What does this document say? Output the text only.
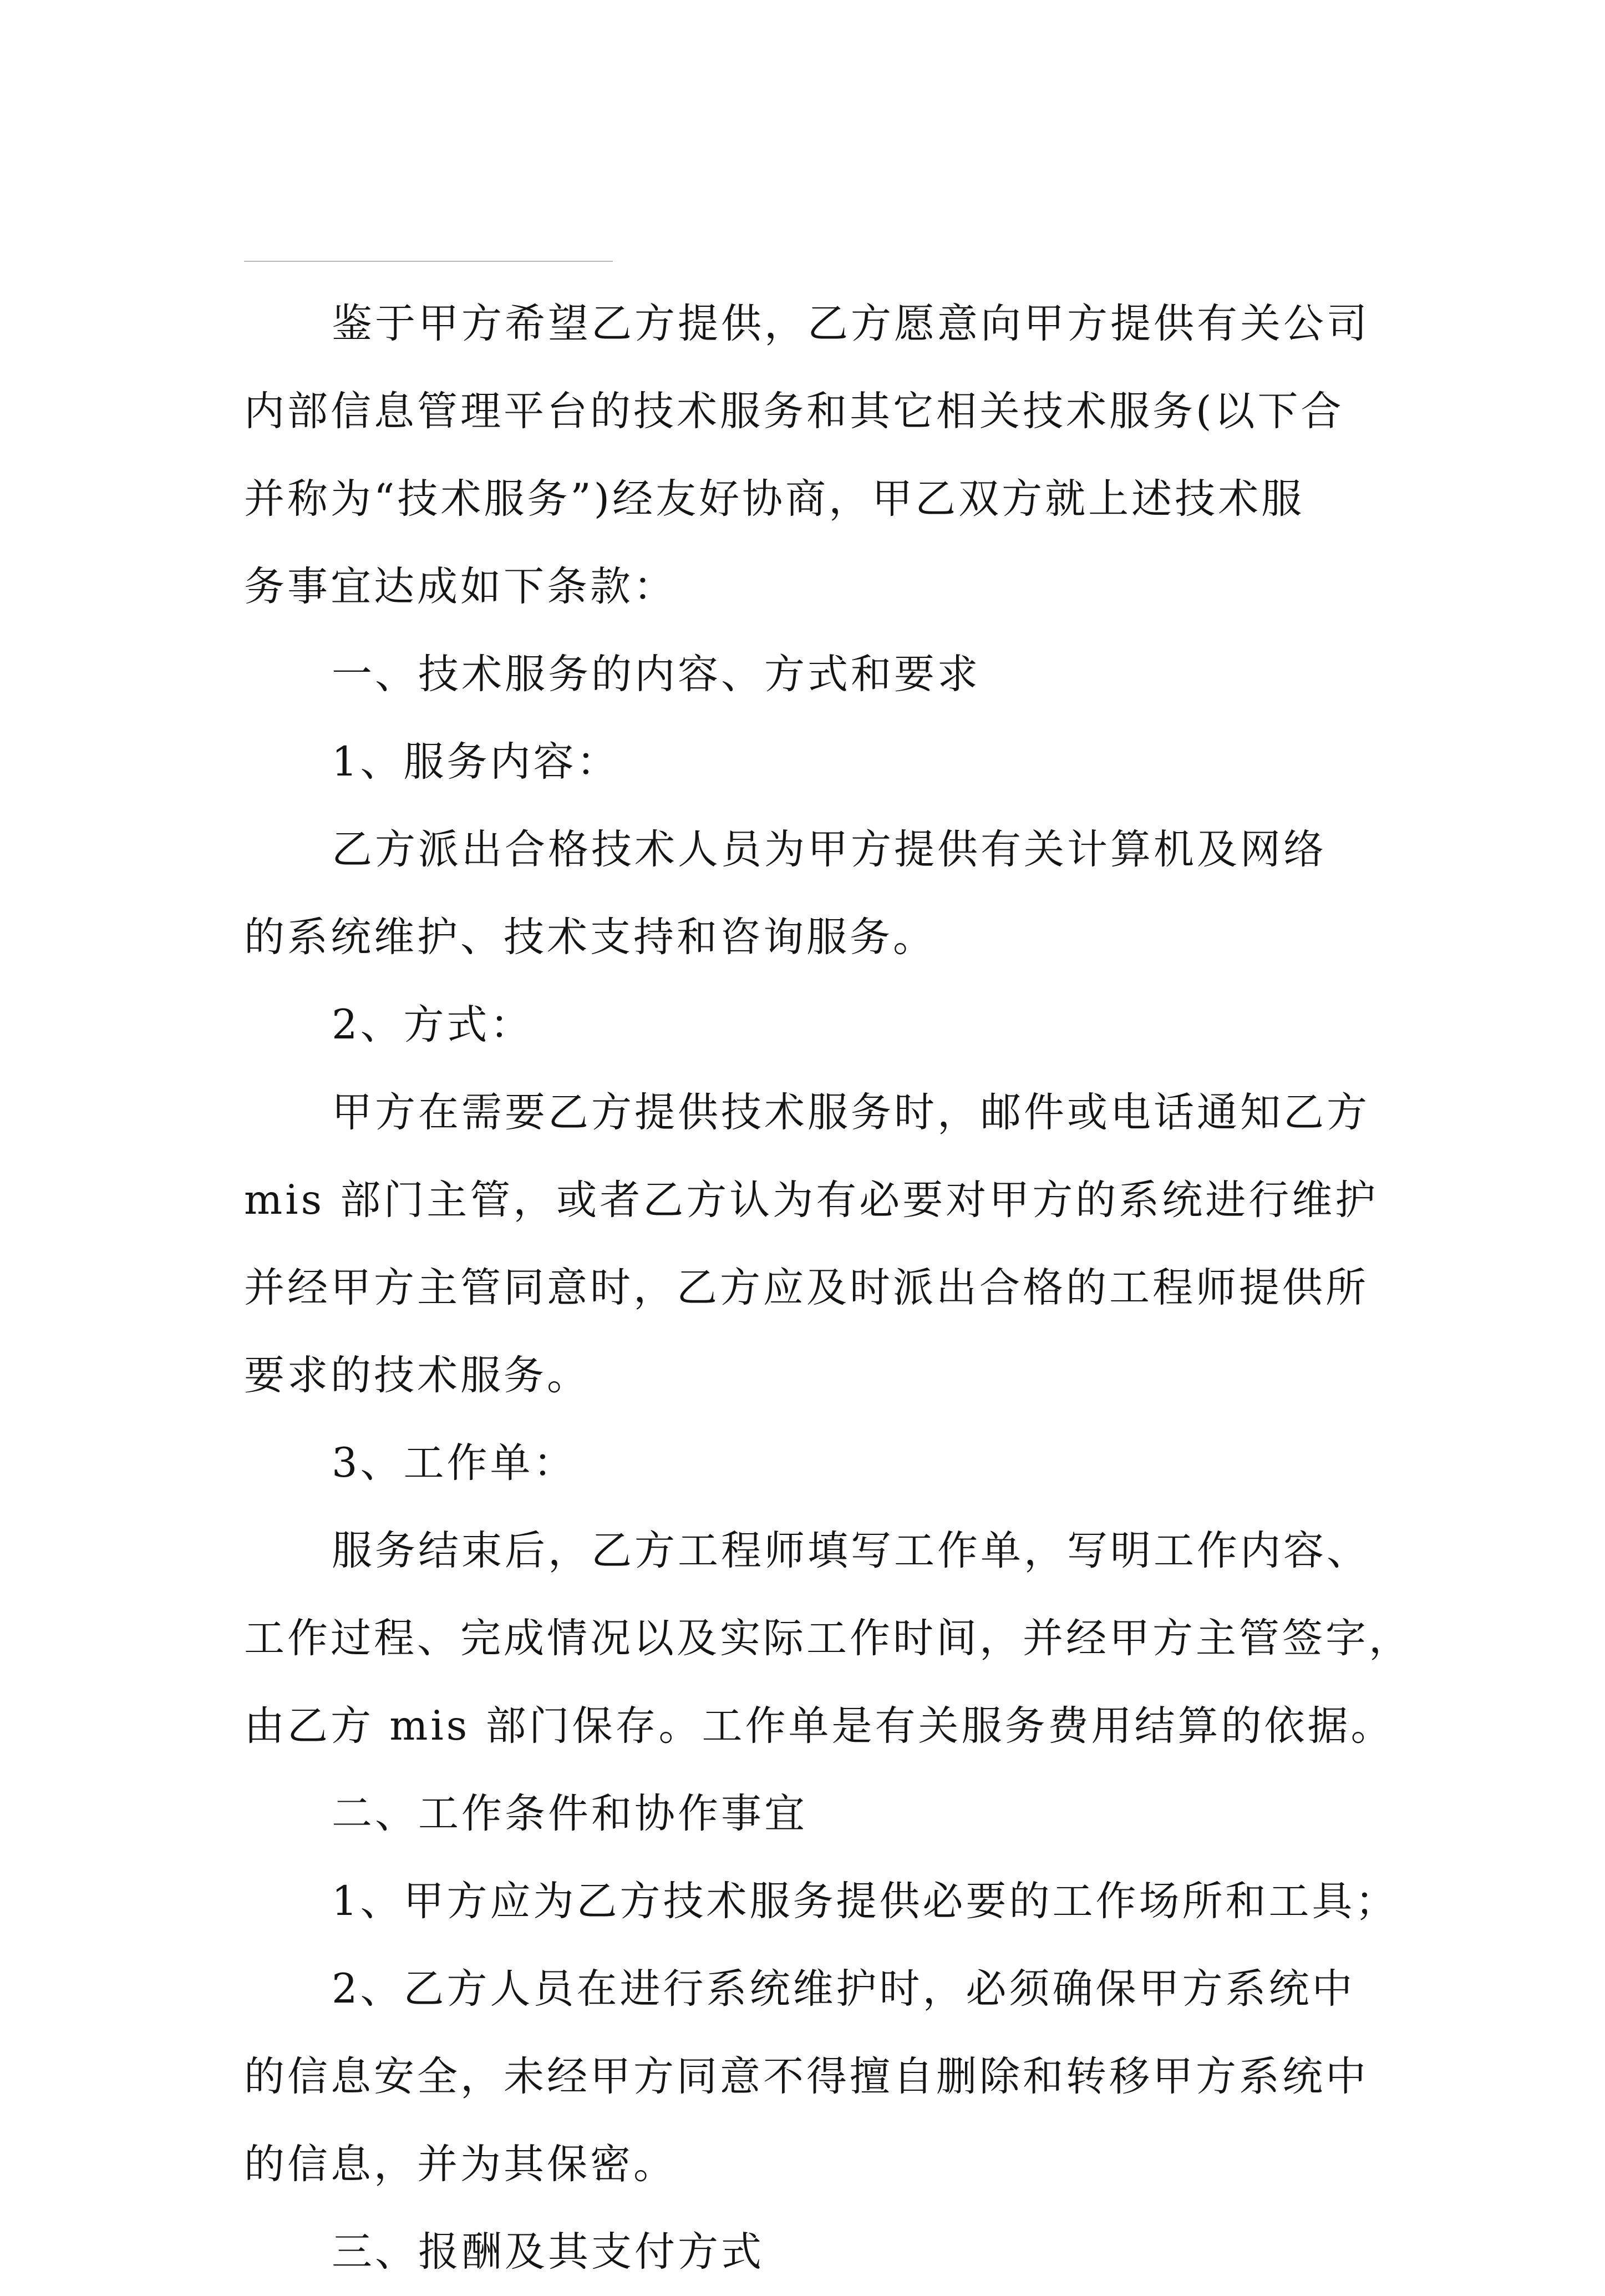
鉴于甲方希望乙方提供，乙方愿意向甲方提供有关公司

内部信息管理平台的技术服务和其它相关技术服务(以下合

并称为“技术服务”)经友好协商，甲乙双方就上述技术服

务事宜达成如下条款：

一、技术服务的内容、方式和要求

1、服务内容：

乙方派出合格技术人员为甲方提供有关计算机及网络

的系统维护、技术支持和咨询服务。

2、方式：

甲方在需要乙方提供技术服务时，邮件或电话通知乙方

mis 部门主管，或者乙方认为有必要对甲方的系统进行维护

并经甲方主管同意时，乙方应及时派出合格的工程师提供所

要求的技术服务。

3、工作单：

服务结束后，乙方工程师填写工作单，写明工作内容、

工作过程、完成情况以及实际工作时间，并经甲方主管签字，

由乙方 mis 部门保存。工作单是有关服务费用结算的依据。

二、工作条件和协作事宜

1、甲方应为乙方技术服务提供必要的工作场所和工具；

2、乙方人员在进行系统维护时，必须确保甲方系统中

的信息安全，未经甲方同意不得擅自删除和转移甲方系统中

的信息，并为其保密。

三、报酬及其支付方式
